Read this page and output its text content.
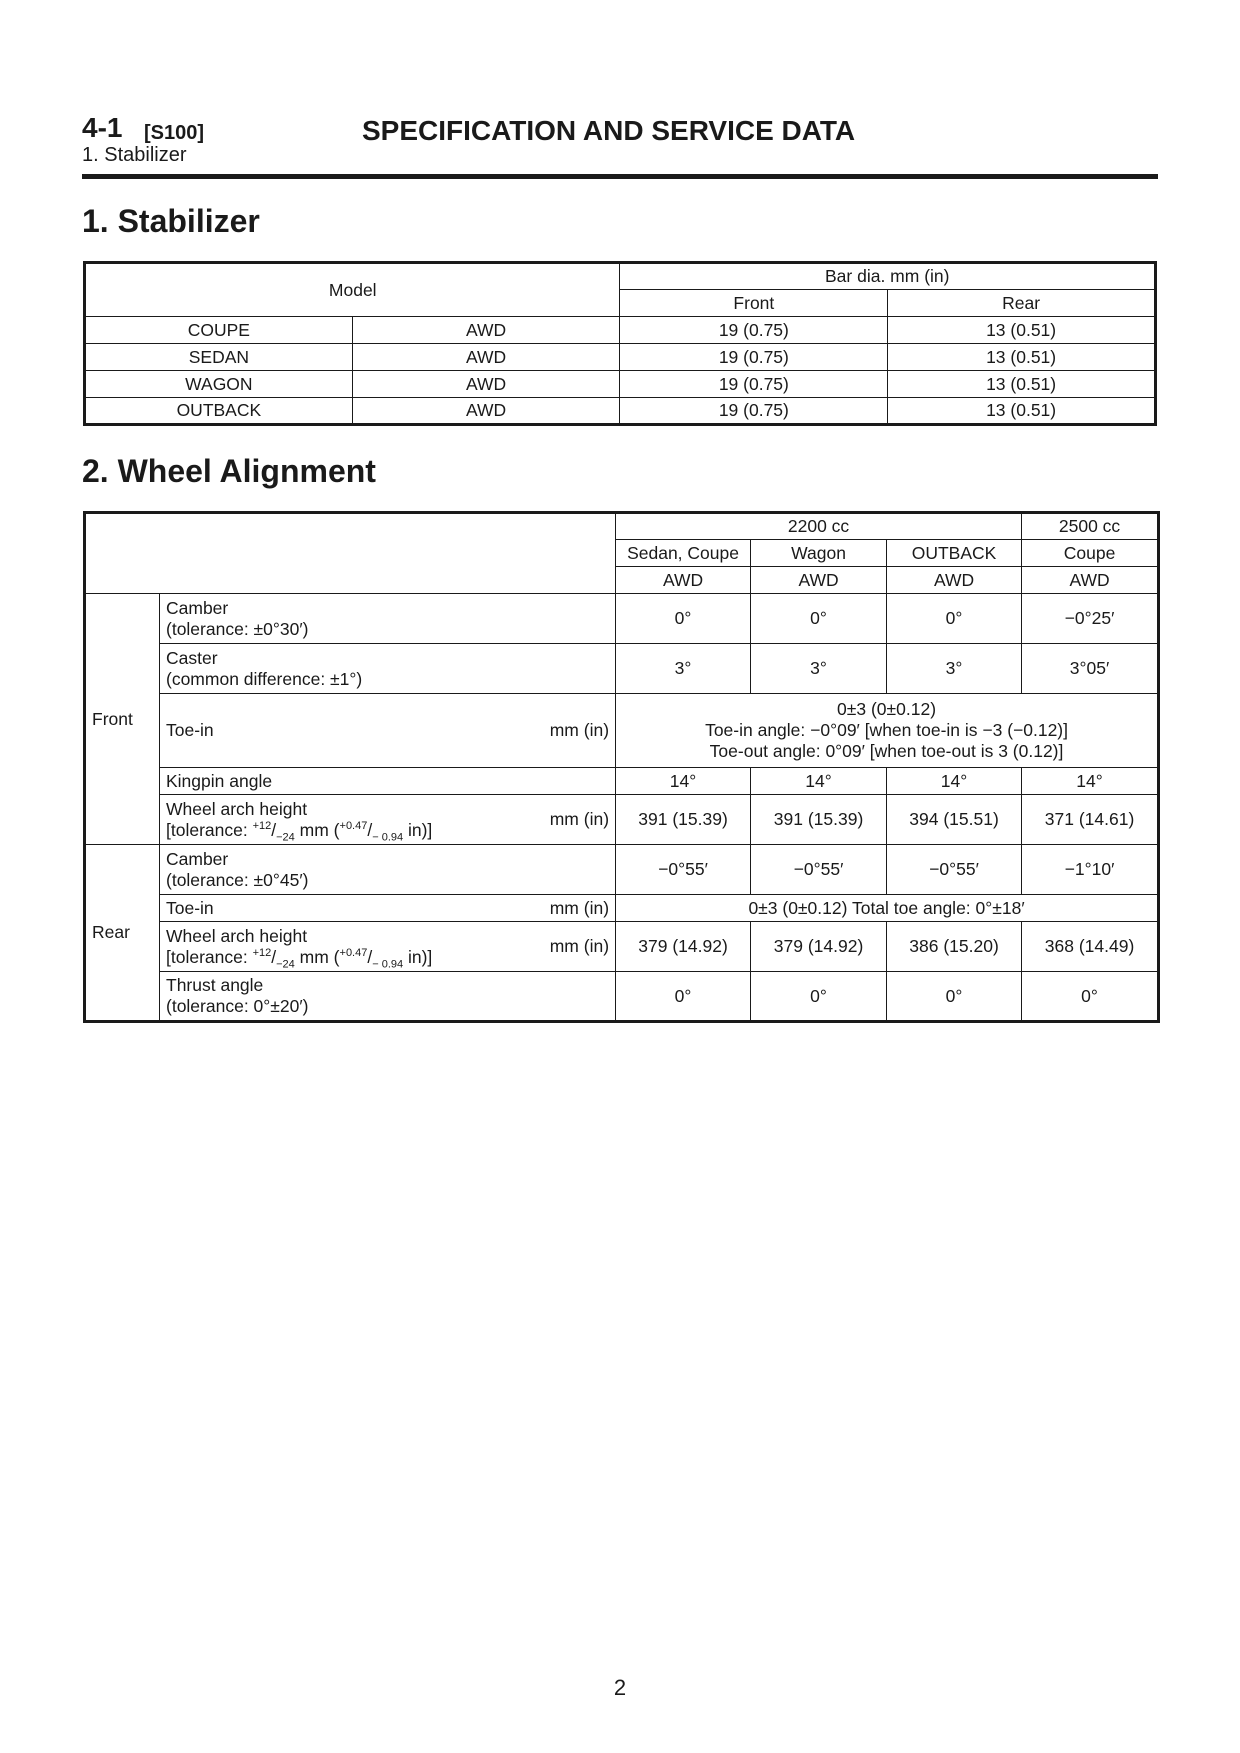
4-1 [S100]
1. Stabilizer
SPECIFICATION AND SERVICE DATA
1. Stabilizer
Model		Bar dia. mm (in)	
		Front	Rear
COUPE	AWD	19 (0.75)	13 (0.51)
SEDAN	AWD	19 (0.75)	13 (0.51)
WAGON	AWD	19 (0.75)	13 (0.51)
OUTBACK	AWD	19 (0.75)	13 (0.51)
2. Wheel Alignment
			2200 cc			2500 cc
			Sedan, Coupe	Wagon	OUTBACK	Coupe
			AWD	AWD	AWD	AWD
Front	Camber
(tolerance: ±0°30′)		0°	0°	0°	−0°25′

	Caster
(common difference: ±1°)		3°	3°	3°	3°05′
	Toe-in	mm (in)	0±3 (0±0.12)
Toe-in angle: −0°09′ [when toe-in is −3 (−0.12)]
Toe-out angle: 0°09′ [when toe-out is 3 (0.12)]			

	Kingpin angle		14°	14°	14°	14°

	Wheel arch height
[tolerance: $^{+12}/_{-24}$ mm ($^{+0.47}/_{- 0.94}$ in)]	mm (in)	391 (15.39)	391 (15.39)	394 (15.51)	371 (14.61)
Rear	Camber
(tolerance: ±0°45′)		−0°55′	−0°55′	−0°55′	−1°10′
	Toe-in	mm (in)	0±3 (0±0.12) Total toe angle: 0°±18′			

	Wheel arch height
[tolerance: $^{+12}/_{-24}$ mm ($^{+0.47}/_{- 0.94}$ in)]	mm (in)	379 (14.92)	379 (14.92)	386 (15.20)	368 (14.49)

	Thrust angle
(tolerance: 0°±20′)		0°	0°	0°	0°
2
